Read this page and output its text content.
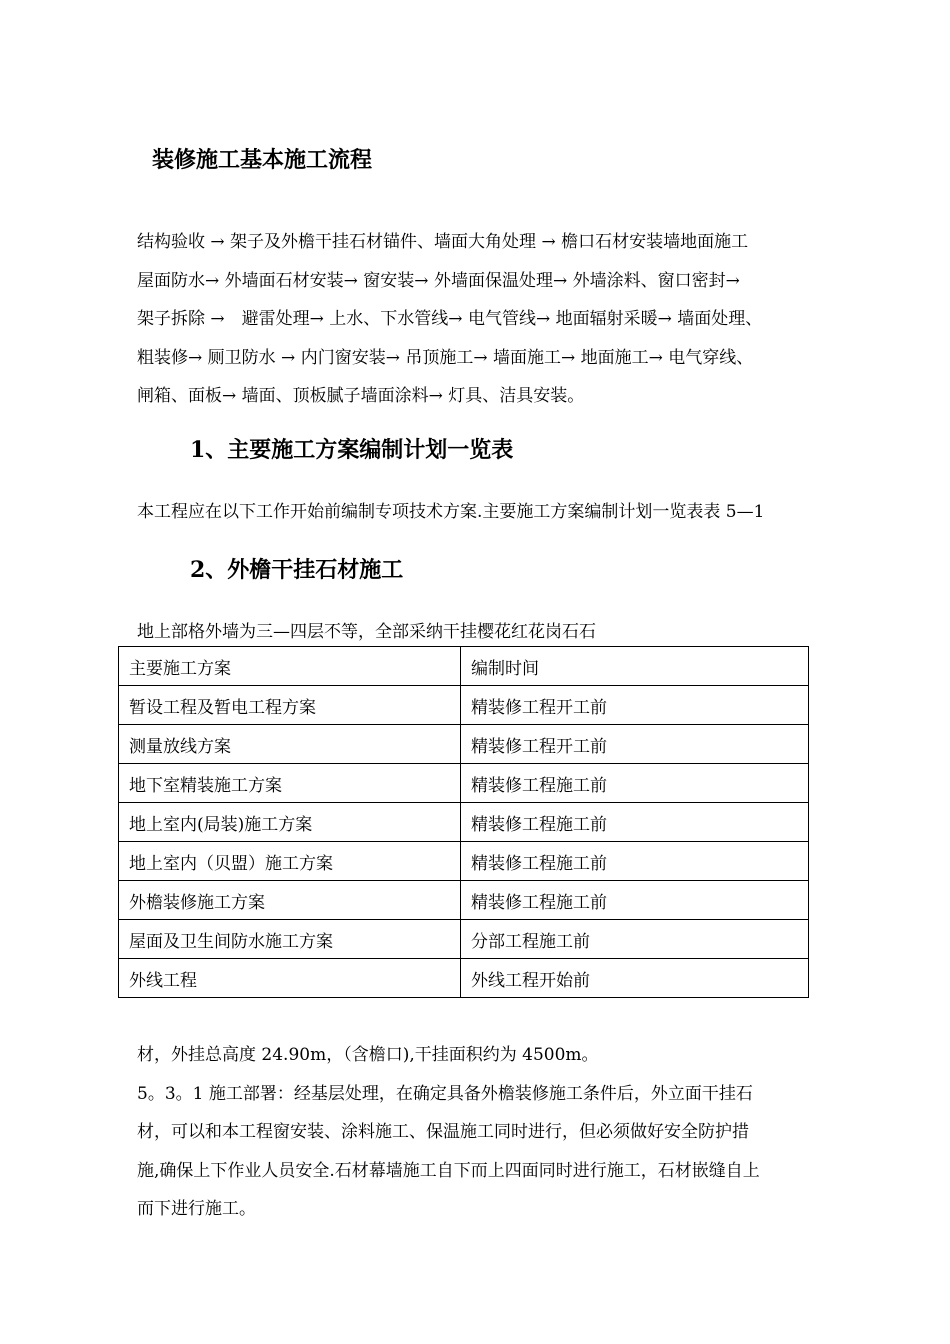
装修施工基本施工流程
结构验收 → 架子及外檐干挂石材锚件、墙面大角处理 → 檐口石材安装墙地面施工
屋面防水→ 外墙面石材安装→ 窗安装→ 外墙面保温处理→ 外墙涂料、窗口密封→
架子拆除 →　避雷处理→ 上水、下水管线→ 电气管线→ 地面辐射采暖→ 墙面处理、
粗装修→ 厕卫防水 → 内门窗安装→ 吊顶施工→ 墙面施工→ 地面施工→ 电气穿线、
闸箱、面板→ 墙面、顶板腻子墙面涂料→ 灯具、洁具安装。
1、主要施工方案编制计划一览表
本工程应在以下工作开始前编制专项技术方案.主要施工方案编制计划一览表表 5—1
2、外檐干挂石材施工
地上部格外墙为三—四层不等，全部采纳干挂樱花红花岗石石
主要施工方案	编制时间
暂设工程及暂电工程方案	精装修工程开工前
测量放线方案	精装修工程开工前
地下室精装施工方案	精装修工程施工前
地上室内(局装)施工方案	精装修工程施工前
地上室内（贝盟）施工方案	精装修工程施工前
外檐装修施工方案	精装修工程施工前
屋面及卫生间防水施工方案	分部工程施工前
外线工程	外线工程开始前
材，外挂总高度 24.90m，（含檐口),干挂面积约为 4500m。
5。3。1 施工部署：经基层处理，在确定具备外檐装修施工条件后，外立面干挂石
材，可以和本工程窗安装、涂料施工、保温施工同时进行，但必须做好安全防护措
施,确保上下作业人员安全.石材幕墙施工自下而上四面同时进行施工，石材嵌缝自上
而下进行施工。
